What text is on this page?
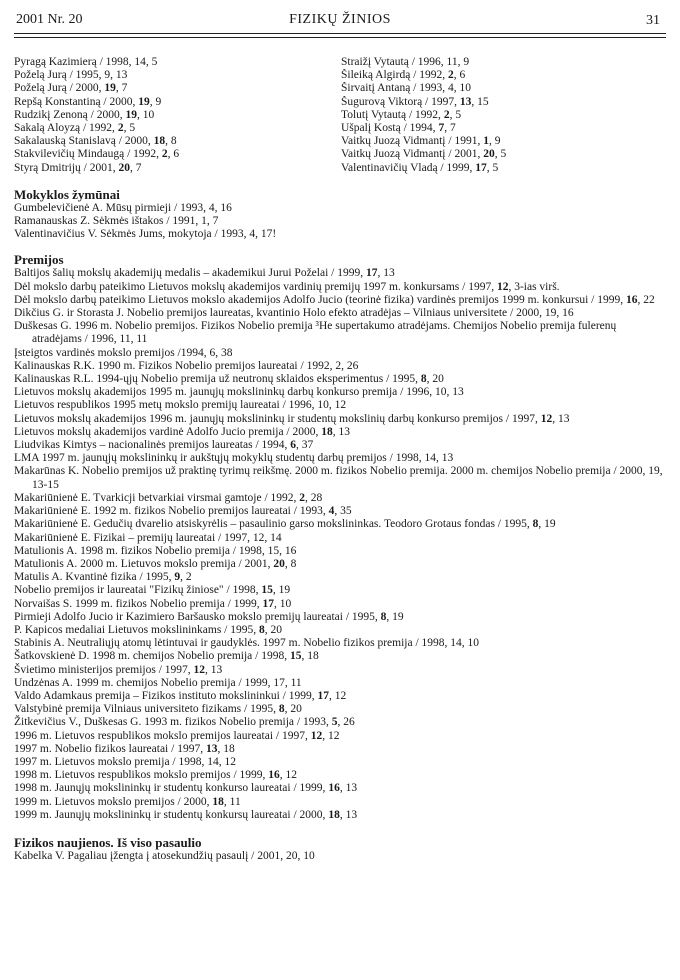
2001 Nr. 20	FIZIKŲ ŽINIOS	31
Pyragą Kazimierą / 1998, 14, 5
Poželą Jurą / 1995, 9, 13
Poželą Jurą / 2000, 19, 7
Repšą Konstantiną / 2000, 19, 9
Rudzikį Zenoną / 2000, 19, 10
Sakalą Aloyzą / 1992, 2, 5
Sakalauską Stanislavą / 2000, 18, 8
Stakvilevičių Mindaugą / 1992, 2, 6
Styrą Dmitrijų / 2001, 20, 7
Straižį Vytautą / 1996, 11, 9
Šileiką Algirdą / 1992, 2, 6
Širvaitį Antaną / 1993, 4, 10
Šugurovą Viktorą / 1997, 13, 15
Tolutį Vytautą / 1992, 2, 5
Ušpalį Kostą / 1994, 7, 7
Vaitkų Juozą Vidmantį / 1991, 1, 9
Vaitkų Juozą Vidmantį / 2001, 20, 5
Valentinavičių Vladą / 1999, 17, 5
Mokyklos žymūnai
Gumbelevičienė A. Mūsų pirmieji / 1993, 4, 16
Ramanauskas Z. Sėkmės ištakos / 1991, 1, 7
Valentinavičius V. Sėkmės Jums, mokytoja / 1993, 4, 17!
Premijos
Baltijos šalių mokslų akademijų medalis – akademikui Jurui Poželai / 1999, 17, 13
Dėl mokslo darbų pateikimo Lietuvos mokslų akademijos vardinių premijų 1997 m. konkursams / 1997, 12, 3-ias virš.
Dėl mokslo darbų pateikimo Lietuvos mokslo akademijos Adolfo Jucio (teorinė fizika) vardinės premijos 1999 m. konkursui / 1999, 16, 22
Dikčius G. ir Storasta J. Nobelio premijos laureatas, kvantinio Holo efekto atradėjas – Vilniaus universitete / 2000, 19, 16
Duškesas G. 1996 m. Nobelio premijos. Fizikos Nobelio premija ³He supertakumo atradėjams. Chemijos Nobelio premija fulerenų atradėjams / 1996, 11, 11
Įsteigtos vardinės mokslo premijos /1994, 6, 38
Kalinauskas R.K. 1990 m. Fizikos Nobelio premijos laureatai / 1992, 2, 26
Kalinauskas R.L. 1994-ųjų Nobelio premija už neutronų sklaidos eksperimentus / 1995, 8, 20
Lietuvos mokslų akademijos 1995 m. jaunųjų mokslininkų darbų konkurso premija / 1996, 10, 13
Lietuvos respublikos 1995 metų mokslo premijų laureatai / 1996, 10, 12
Lietuvos mokslų akademijos 1996 m. jaunųjų mokslininkų ir studentų mokslinių darbų konkurso premijos / 1997, 12, 13
Lietuvos mokslų akademijos vardinė Adolfo Jucio premija / 2000, 18, 13
Liudvikas Kimtys – nacionalinės premijos laureatas / 1994, 6, 37
LMA 1997 m. jaunųjų mokslininkų ir aukštųjų mokyklų studentų darbų premijos / 1998, 14, 13
Makarūnas K. Nobelio premijos už praktinę tyrimų reikšmę. 2000 m. fizikos Nobelio premija. 2000 m. chemijos Nobelio premija / 2000, 19, 13-15
Makariūnienė E. Tvarkicji betvarkiai virsmai gamtoje / 1992, 2, 28
Makariūnienė E. 1992 m. fizikos Nobelio premijos laureatai / 1993, 4, 35
Makariūnienė E. Gedučių dvarelio atsiskyrėlis – pasaulinio garso mokslininkas. Teodoro Grotaus fondas / 1995, 8, 19
Makariūnienė E. Fizikai – premijų laureatai / 1997, 12, 14
Matulionis A. 1998 m. fizikos Nobelio premija / 1998, 15, 16
Matulionis A. 2000 m. Lietuvos mokslo premija / 2001, 20, 8
Matulis A. Kvantinė fizika / 1995, 9, 2
Nobelio premijos ir laureatai "Fizikų žiniose" / 1998, 15, 19
Norvaišas S. 1999 m. fizikos Nobelio premija / 1999, 17, 10
Pirmieji Adolfo Jucio ir Kazimiero Baršausko mokslo premijų laureatai / 1995, 8, 19
P. Kapicos medaliai Lietuvos mokslininkams / 1995, 8, 20
Stabinis A. Neutraliųjų atomų lėtintuvai ir gaudyklės. 1997 m. Nobelio fizikos premija / 1998, 14, 10
Šatkovskienė D. 1998 m. chemijos Nobelio premija / 1998, 15, 18
Švietimo ministerijos premijos / 1997, 12, 13
Undzėnas A. 1999 m. chemijos Nobelio premija / 1999, 17, 11
Valdo Adamkaus premija – Fizikos instituto mokslininkui / 1999, 17, 12
Valstybinė premija Vilniaus universiteto fizikams / 1995, 8, 20
Žitkevičius V., Duškesas G. 1993 m. fizikos Nobelio premija / 1993, 5, 26
1996 m. Lietuvos respublikos mokslo premijos laureatai / 1997, 12, 12
1997 m. Nobelio fizikos laureatai / 1997, 13, 18
1997 m. Lietuvos mokslo premija / 1998, 14, 12
1998 m. Lietuvos respublikos mokslo premijos / 1999, 16, 12
1998 m. Jaunųjų mokslininkų ir studentų konkurso laureatai / 1999, 16, 13
1999 m. Lietuvos mokslo premijos / 2000, 18, 11
1999 m. Jaunųjų mokslininkų ir studentų konkursų laureatai / 2000, 18, 13
Fizikos naujienos. Iš viso pasaulio
Kabelka V. Pagaliau įžengta į atosekundžių pasaulį / 2001, 20, 10
